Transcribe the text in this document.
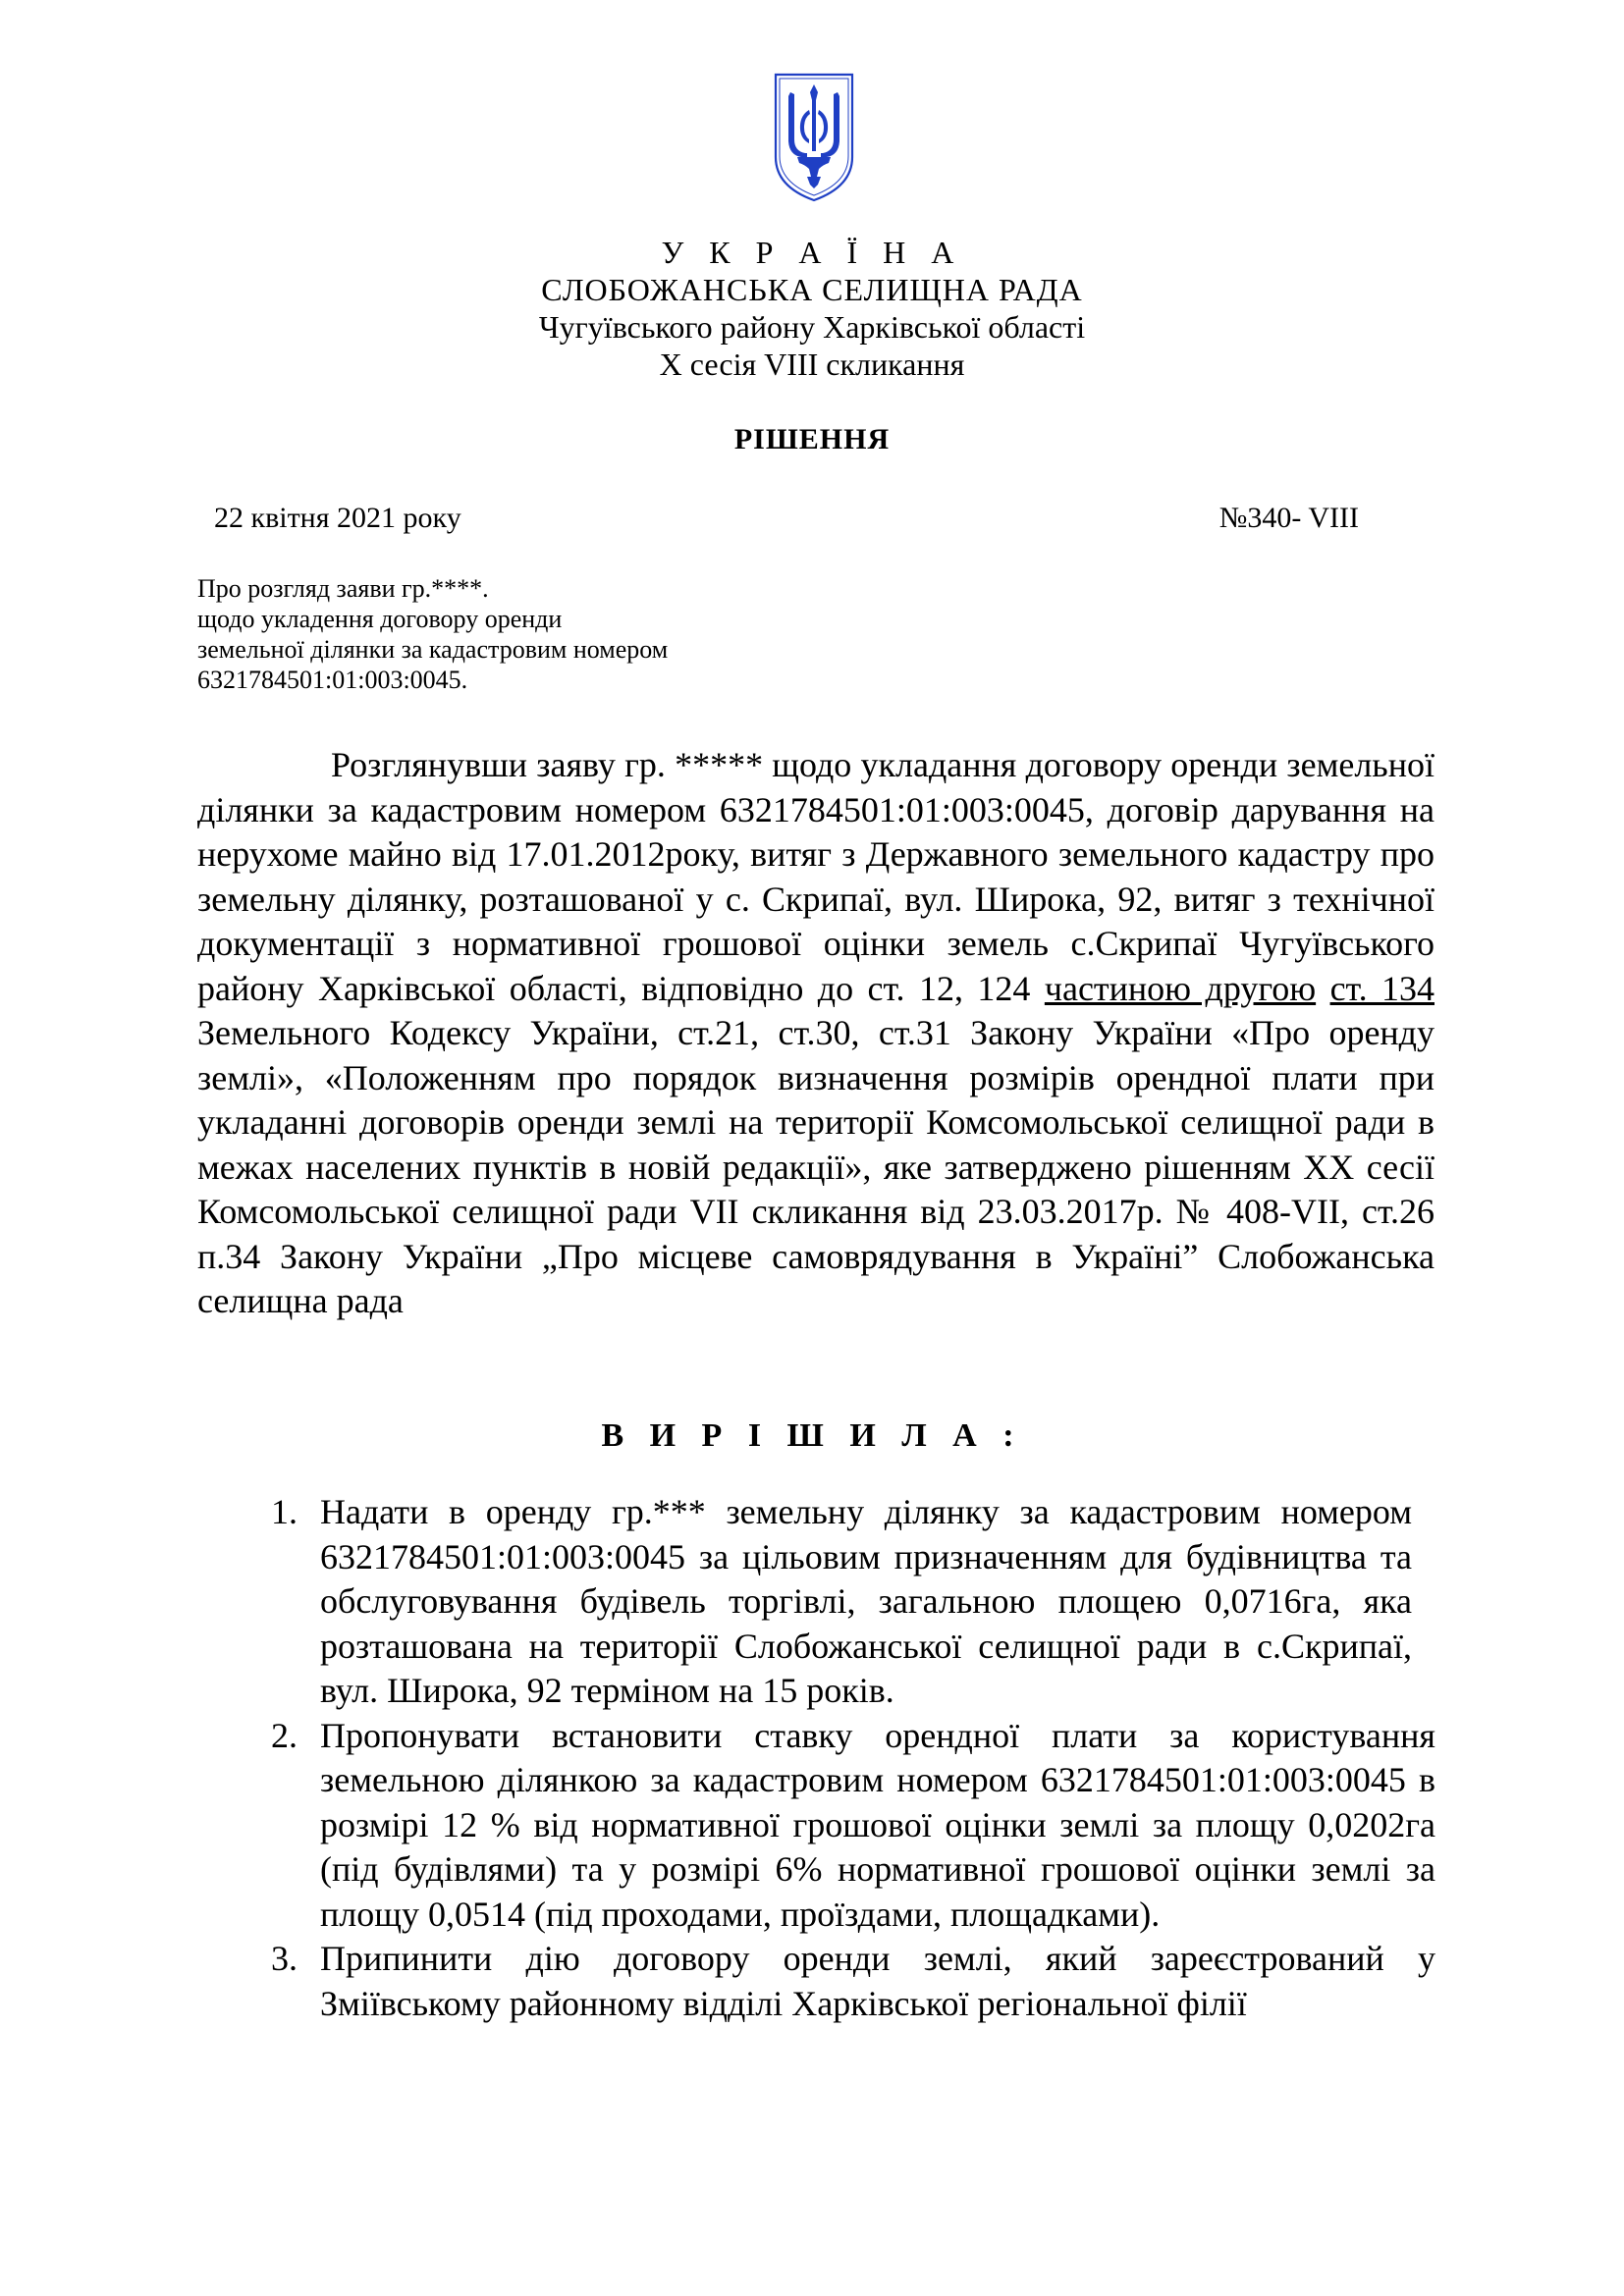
У К Р А Ї Н А
СЛОБОЖАНСЬКА СЕЛИЩНА РАДА
Чугуївського району Харківської області
Х сесія VIII скликання
РІШЕННЯ
22 квітня 2021 року	№340- VIII
Про розгляд заяви гр.****.
щодо укладення договору оренди
земельної ділянки за кадастровим номером
6321784501:01:003:0045.

Розглянувши заяву гр. ***** щодо укладання договору оренди земельної ділянки за кадастровим номером 6321784501:01:003:0045, договір дарування на нерухоме майно від 17.01.2012року, витяг з Державного земельного кадастру про земельну ділянку, розташованої у с. Скрипаї, вул. Широка, 92, витяг з технічної документації з нормативної грошової оцінки земель с.Скрипаї Чугуївського району Харківської області, відповідно до ст. 12, 124 частиною другою ст. 134 Земельного Кодексу України, ст.21, ст.30, ст.31 Закону України «Про оренду землі», «Положенням про порядок визначення розмірів орендної плати при укладанні договорів оренди землі на території Комсомольської селищної ради в межах населених пунктів в новій редакції», яке затверджено рішенням ХХ сесії Комсомольської селищної ради VII скликання від 23.03.2017р. № 408-VII, ст.26 п.34 Закону України „Про місцеве самоврядування в Україні” Слобожанська селищна рада

В И Р І Ш И Л А :
1. Надати в оренду гр.*** земельну ділянку за кадастровим номером 6321784501:01:003:0045 за цільовим призначенням для будівництва та обслуговування будівель торгівлі, загальною площею 0,0716га, яка розташована на території Слобожанської селищної ради в с.Скрипаї, вул. Широка, 92 терміном на 15 років.
2. Пропонувати встановити ставку орендної плати за користування земельною ділянкою за кадастровим номером 6321784501:01:003:0045 в розмірі 12 % від нормативної грошової оцінки землі за площу 0,0202га (під будівлями) та у розмірі 6% нормативної грошової оцінки землі за площу 0,0514 (під проходами, проїздами, площадками).
3. Припинити дію договору оренди землі, який зареєстрований у Зміївському районному відділі Харківської регіональної філії
